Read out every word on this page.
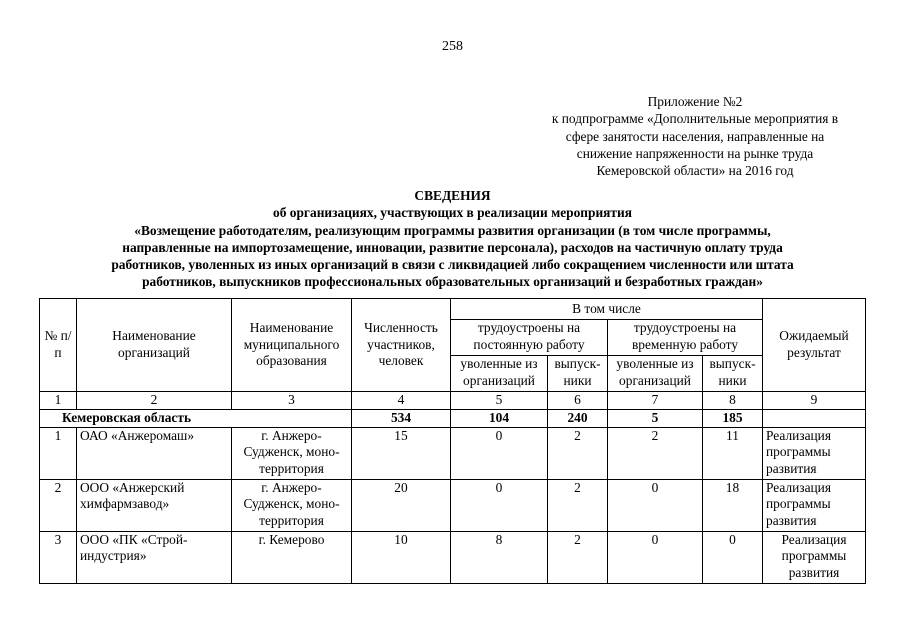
258
Приложение №2
к подпрограмме «Дополнительные мероприятия в
сфере занятости населения, направленные на
снижение напряженности на рынке труда
Кемеровской области» на 2016 год
СВЕДЕНИЯ
об организациях, участвующих в реализации мероприятия
«Возмещение работодателям, реализующим программы развития организации (в том числе программы,
направленные на импортозамещение, инновации, развитие персонала), расходов на частичную оплату труда
работников, уволенных из иных организаций в связи с ликвидацией либо сокращением численности или штата
работников, выпускников профессиональных образовательных организаций и безработных граждан»
№ п/п	Наименование организаций	Наименование муниципального образования	Численность участников, человек	В том числе				Ожидаемый результат
				трудоустроены на постоянную работу		трудоустроены на временную работу		
				уволенные из организаций	выпуск-ники	уволенные из организаций	выпуск-ники	
1	2	3	4	5	6	7	8	9
Кемеровская область			534	104	240	5	185	
1	ОАО «Анжеромаш»	г. Анжеро-Судженск, моно-территория	15	0	2	2	11	Реализация программы развития
2	ООО «Анжерский химфармзавод»	г. Анжеро-Судженск, моно-территория	20	0	2	0	18	Реализация программы развития
3	ООО «ПК «Строй-индустрия»	г. Кемерово	10	8	2	0	0	Реализация программы развития
